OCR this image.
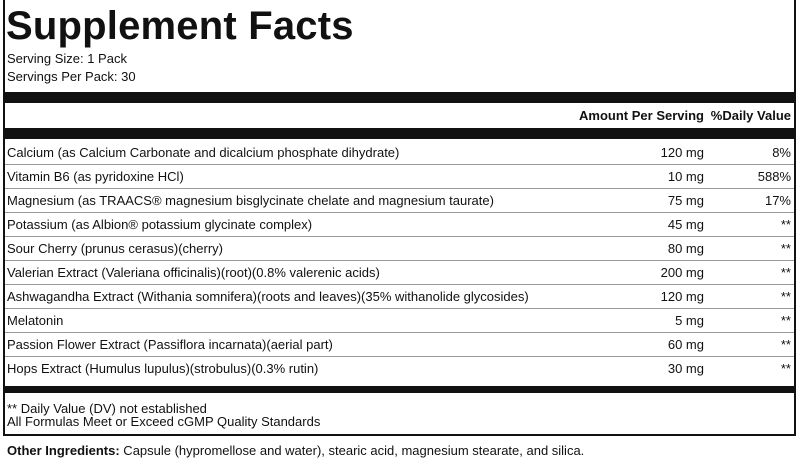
Supplement Facts
Serving Size: 1 Pack
Servings Per Pack: 30
Amount Per Serving %Daily Value
Calcium (as Calcium Carbonate and dicalcium phosphate dihydrate)	120 mg	8%
Vitamin B6 (as pyridoxine HCl)	10 mg	588%
Magnesium (as TRAACS® magnesium bisglycinate chelate and magnesium taurate)	75 mg	17%
Potassium (as Albion® potassium glycinate complex)	45 mg	**
Sour Cherry (prunus cerasus)(cherry)	80 mg	**
Valerian Extract (Valeriana officinalis)(root)(0.8% valerenic acids)	200 mg	**
Ashwagandha Extract (Withania somnifera)(roots and leaves)(35% withanolide glycosides)	120 mg	**
Melatonin	5 mg	**
Passion Flower Extract (Passiflora incarnata)(aerial part)	60 mg	**
Hops Extract (Humulus lupulus)(strobulus)(0.3% rutin)	30 mg	**
** Daily Value (DV) not established
All Formulas Meet or Exceed cGMP Quality Standards
Other Ingredients: Capsule (hypromellose and water), stearic acid, magnesium stearate, and silica.
